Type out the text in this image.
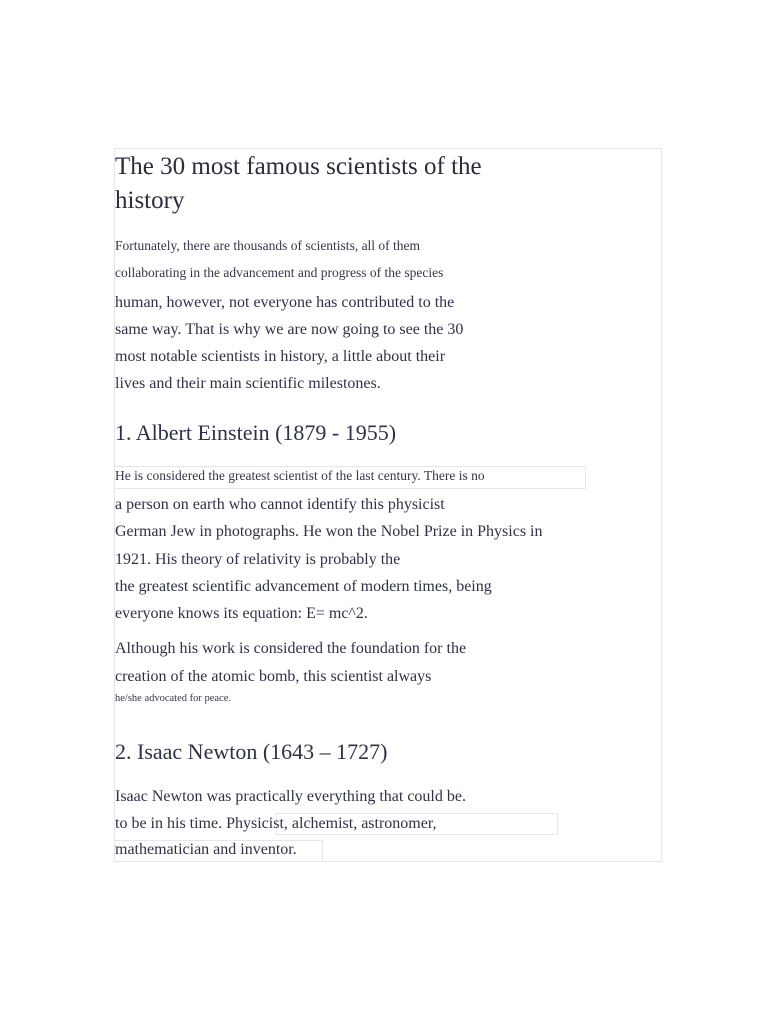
The 30 most famous scientists of the
history
Fortunately, there are thousands of scientists, all of them
collaborating in the advancement and progress of the species
human, however, not everyone has contributed to the
same way. That is why we are now going to see the 30
most notable scientists in history, a little about their
lives and their main scientific milestones.
1. Albert Einstein (1879 - 1955)
He is considered the greatest scientist of the last century. There is no
a person on earth who cannot identify this physicist
German Jew in photographs. He won the Nobel Prize in Physics in
1921. His theory of relativity is probably the
the greatest scientific advancement of modern times, being
everyone knows its equation: E= mc^2.
Although his work is considered the foundation for the
creation of the atomic bomb, this scientist always
he/she advocated for peace.
2. Isaac Newton (1643 – 1727)
Isaac Newton was practically everything that could be.
to be in his time. Physicist, alchemist, astronomer,
mathematician and inventor.
